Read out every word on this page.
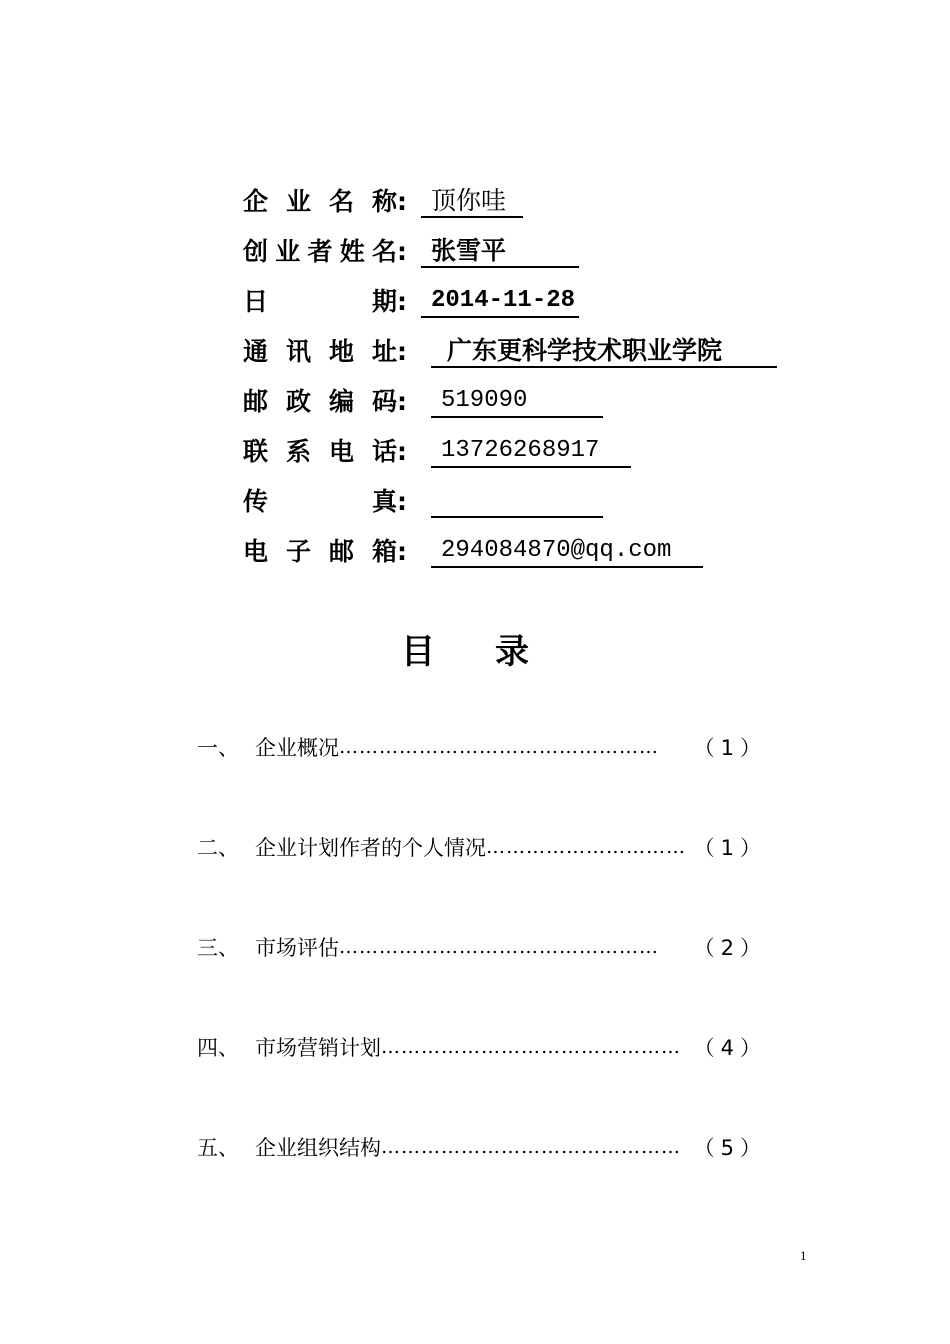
企 业 名 称 : 顶你哇
创 业 者 姓 名 : 张雪平
日	期 :	2014-11-28
通 讯 地 址 :	广东更科学技术职业学院
邮 政 编 码 :	519090
联 系 电 话 :	13726268917
传	真 :
电 子 邮 箱 :	294084870@qq.com
目录
一、 企业概况 …………………………………………	（1）
二、 企业计划作者的个人情况 ………………………… （1）
三、 市场评估 …………………………………………	（2）
四、 市场营销计划 ……………………………………… （4）
五、 企业组织结构 ……………………………………… （5）
1
